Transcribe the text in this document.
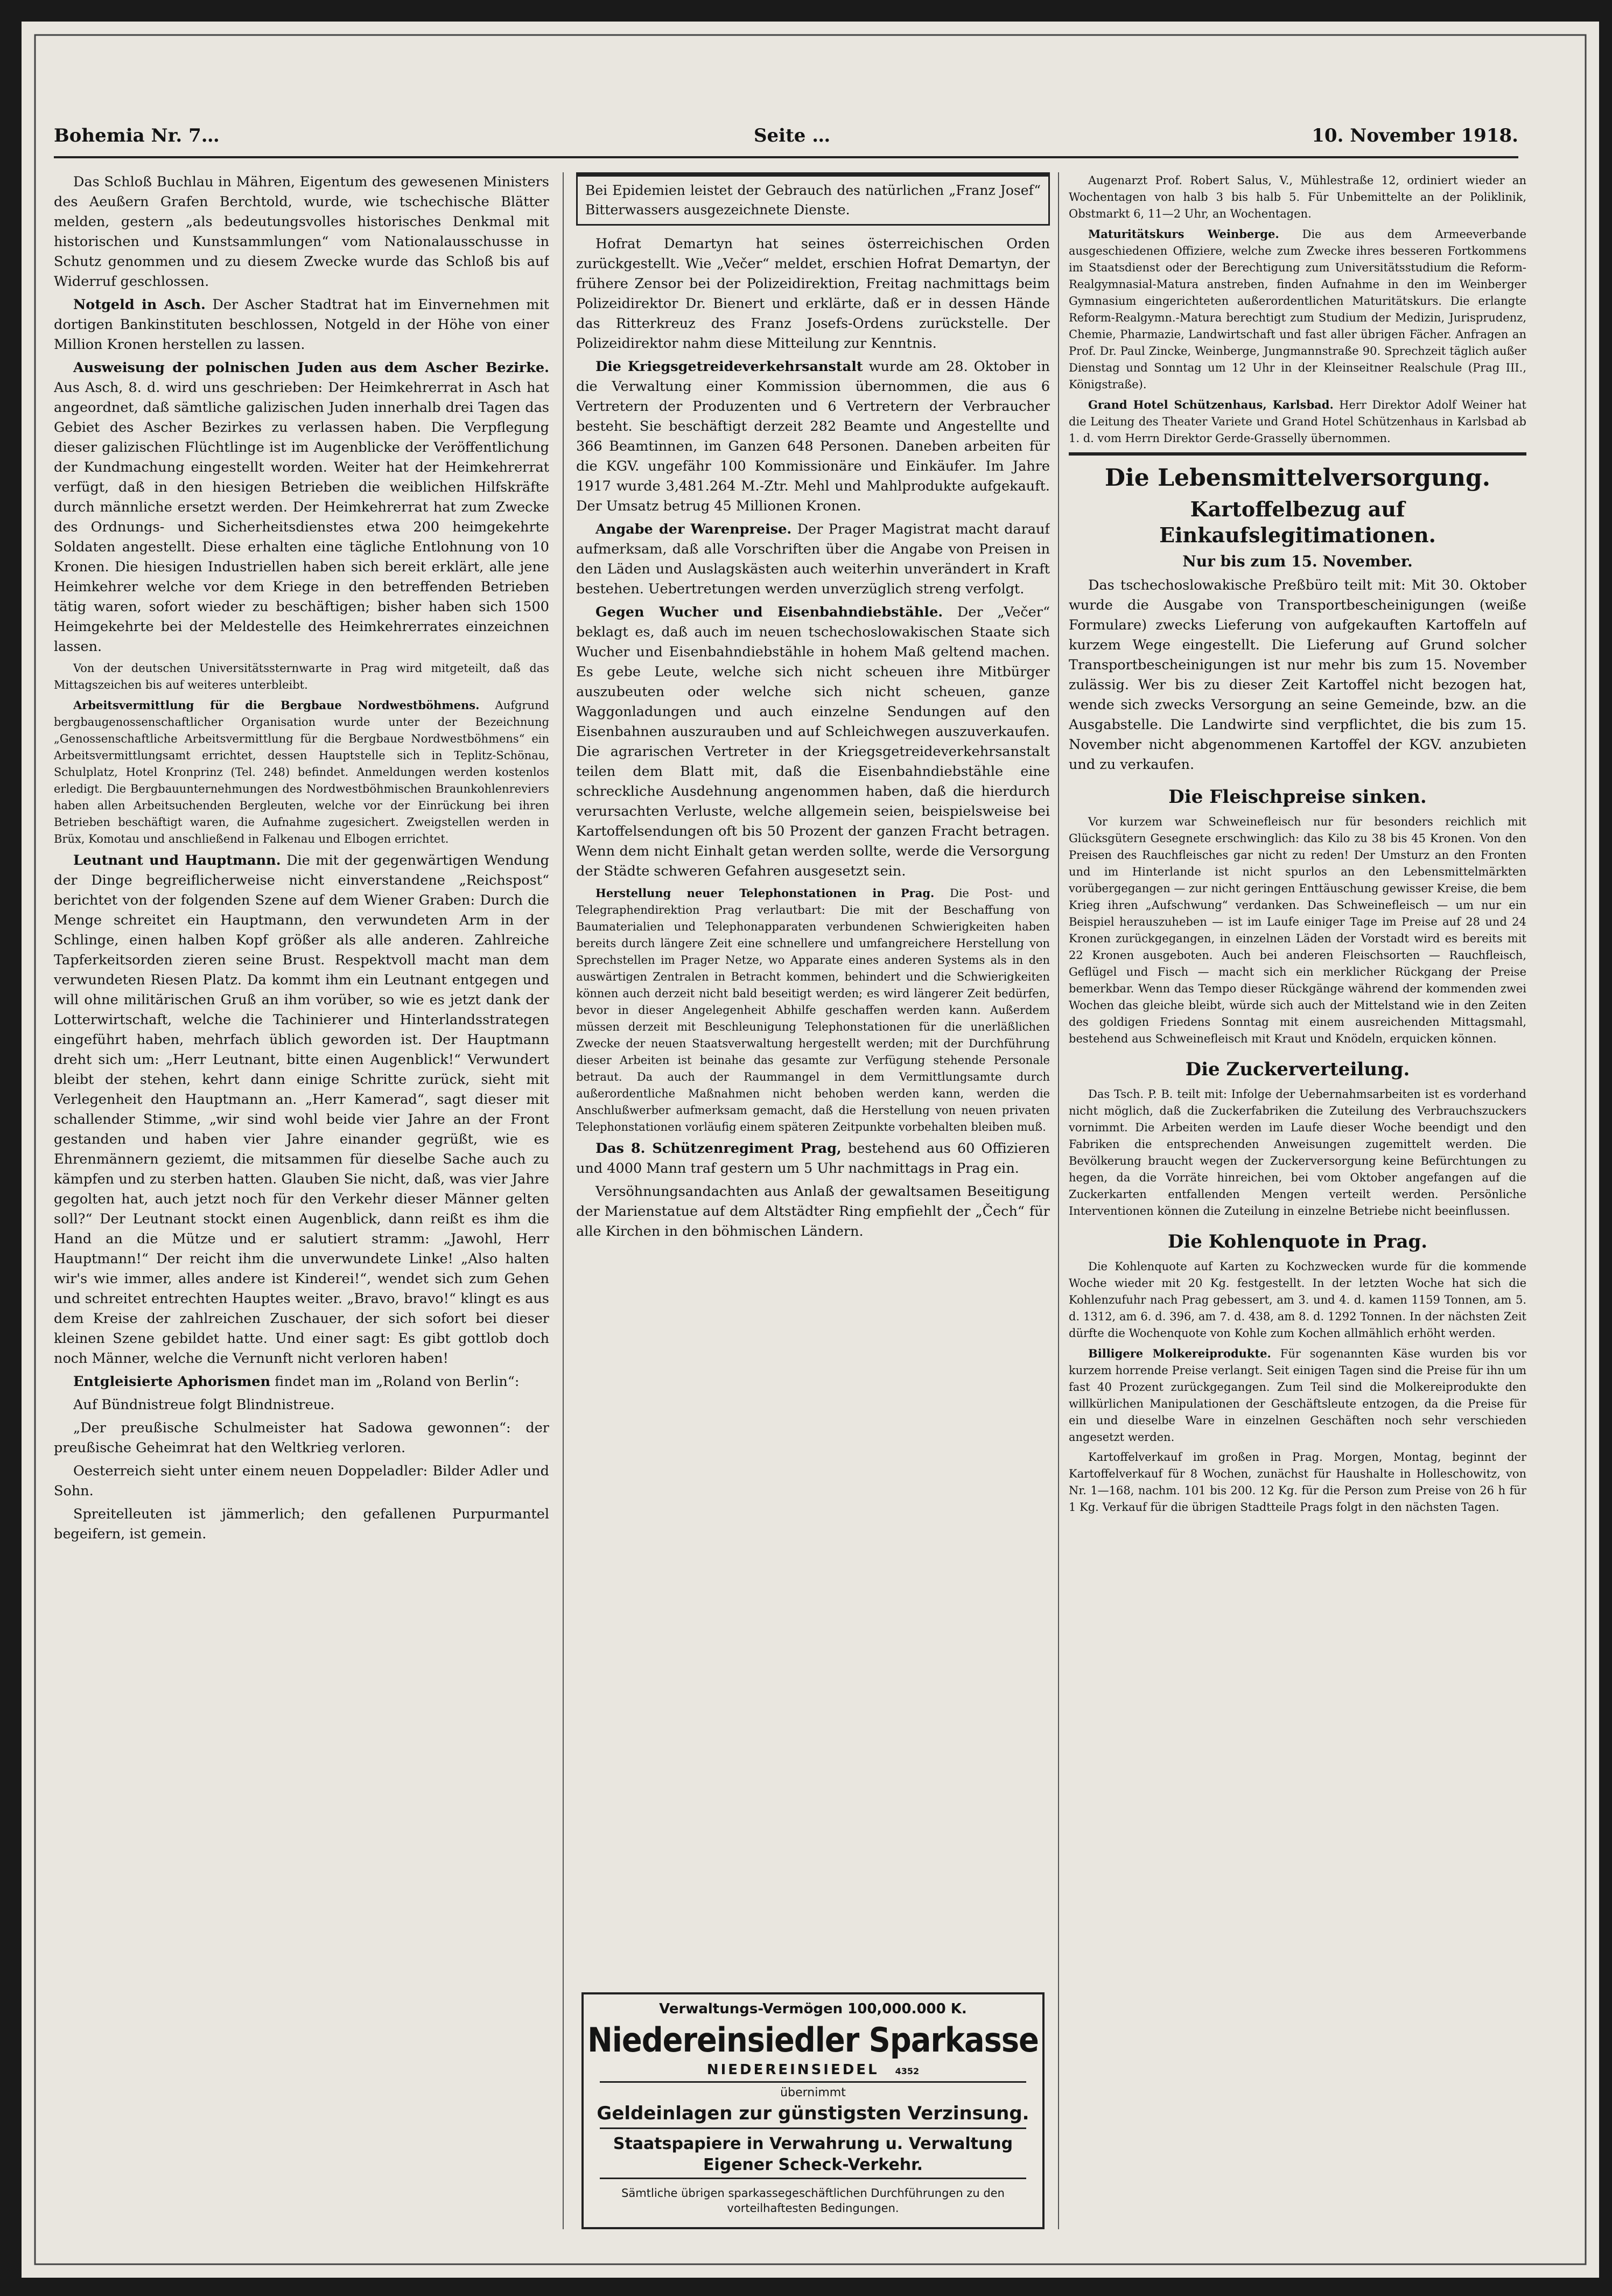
Bohemia Nr. 7…	Seite …	10. November 1918.

Das Schloß Buchlau in Mähren, Eigentum des gewesenen Ministers des Aeußern Grafen Berchtold, wurde, wie tschechische Blätter melden, gestern „als bedeutungsvolles historisches Denkmal mit historischen und Kunstsammlungen“ vom Nationalausschusse in Schutz genommen und zu diesem Zwecke wurde das Schloß bis auf Widerruf geschlossen.

Notgeld in Asch. Der Ascher Stadtrat hat im Einvernehmen mit dortigen Bankinstituten beschlossen, Notgeld in der Höhe von einer Million Kronen herstellen zu lassen.

Ausweisung der polnischen Juden aus dem Ascher Bezirke. Aus Asch, 8. d. wird uns geschrieben: Der Heimkehrerrat in Asch hat angeordnet, daß sämtliche galizischen Juden innerhalb drei Tagen das Gebiet des Ascher Bezirkes zu verlassen haben. Die Verpflegung dieser galizischen Flüchtlinge ist im Augenblicke der Veröffentlichung der Kundmachung eingestellt worden. Weiter hat der Heimkehrerrat verfügt, daß in den hiesigen Betrieben die weiblichen Hilfskräfte durch männliche ersetzt werden. Der Heimkehrerrat hat zum Zwecke des Ordnungs- und Sicherheitsdienstes etwa 200 heimgekehrte Soldaten angestellt. Diese erhalten eine tägliche Entlohnung von 10 Kronen. Die hiesigen Industriellen haben sich bereit erklärt, alle jene Heimkehrer welche vor dem Kriege in den betreffenden Betrieben tätig waren, sofort wieder zu beschäftigen; bisher haben sich 1500 Heimgekehrte bei der Meldestelle des Heimkehrerrates einzeichnen lassen.

Von der deutschen Universitätssternwarte in Prag wird mitgeteilt, daß das Mittagszeichen bis auf weiteres unterbleibt.

Arbeitsvermittlung für die Bergbaue Nordwestböhmens. Aufgrund bergbaugenossenschaftlicher Organisation wurde unter der Bezeichnung „Genossenschaftliche Arbeitsvermittlung für die Bergbaue Nordwestböhmens“ ein Arbeitsvermittlungsamt errichtet, dessen Hauptstelle sich in Teplitz-Schönau, Schulplatz, Hotel Kronprinz (Tel. 248) befindet. Anmeldungen werden kostenlos erledigt. Die Bergbauunternehmungen des Nordwestböhmischen Braunkohlenreviers haben allen Arbeitsuchenden Bergleuten, welche vor der Einrückung bei ihren Betrieben beschäftigt waren, die Aufnahme zugesichert. Zweigstellen werden in Brüx, Komotau und anschließend in Falkenau und Elbogen errichtet.

Leutnant und Hauptmann. Die mit der gegenwärtigen Wendung der Dinge begreiflicherweise nicht einverstandene „Reichspost“ berichtet von der folgenden Szene auf dem Wiener Graben: Durch die Menge schreitet ein Hauptmann, den verwundeten Arm in der Schlinge, einen halben Kopf größer als alle anderen. Zahlreiche Tapferkeitsorden zieren seine Brust. Respektvoll macht man dem verwundeten Riesen Platz. Da kommt ihm ein Leutnant entgegen und will ohne militärischen Gruß an ihm vorüber, so wie es jetzt dank der Lotterwirtschaft, welche die Tachinierer und Hinterlandsstrategen eingeführt haben, mehrfach üblich geworden ist. Der Hauptmann dreht sich um: „Herr Leutnant, bitte einen Augenblick!“ Verwundert bleibt der stehen, kehrt dann einige Schritte zurück, sieht mit Verlegenheit den Hauptmann an. „Herr Kamerad“, sagt dieser mit schallender Stimme, „wir sind wohl beide vier Jahre an der Front gestanden und haben vier Jahre einander gegrüßt, wie es Ehrenmännern geziemt, die mitsammen für dieselbe Sache auch zu kämpfen und zu sterben hatten. Glauben Sie nicht, daß, was vier Jahre gegolten hat, auch jetzt noch für den Verkehr dieser Männer gelten soll?“ Der Leutnant stockt einen Augenblick, dann reißt es ihm die Hand an die Mütze und er salutiert stramm: „Jawohl, Herr Hauptmann!“ Der reicht ihm die unverwundete Linke! „Also halten wir's wie immer, alles andere ist Kinderei!“, wendet sich zum Gehen und schreitet entrechten Hauptes weiter. „Bravo, bravo!“ klingt es aus dem Kreise der zahlreichen Zuschauer, der sich sofort bei dieser kleinen Szene gebildet hatte. Und einer sagt: Es gibt gottlob doch noch Männer, welche die Vernunft nicht verloren haben!

Entgleisierte Aphorismen findet man im „Roland von Berlin“:

Auf Bündnistreue folgt Blindnistreue.

„Der preußische Schulmeister hat Sadowa gewonnen“: der preußische Geheimrat hat den Weltkrieg verloren.

Oesterreich sieht unter einem neuen Doppeladler: Bilder Adler und Sohn.

Spreitelleuten ist jämmerlich; den gefallenen Purpurmantel begeifern, ist gemein.

Bei Epidemien leistet der Gebrauch des natürlichen „Franz Josef“ Bitterwassers ausgezeichnete Dienste.

Hofrat Demartyn hat seines österreichischen Orden zurückgestellt. Wie „Večer“ meldet, erschien Hofrat Demartyn, der frühere Zensor bei der Polizeidirektion, Freitag nachmittags beim Polizeidirektor Dr. Bienert und erklärte, daß er in dessen Hände das Ritterkreuz des Franz Josefs-Ordens zurückstelle. Der Polizeidirektor nahm diese Mitteilung zur Kenntnis.

Die Kriegsgetreideverkehrsanstalt wurde am 28. Oktober in die Verwaltung einer Kommission übernommen, die aus 6 Vertretern der Produzenten und 6 Vertretern der Verbraucher besteht. Sie beschäftigt derzeit 282 Beamte und Angestellte und 366 Beamtinnen, im Ganzen 648 Personen. Daneben arbeiten für die KGV. ungefähr 100 Kommissionäre und Einkäufer. Im Jahre 1917 wurde 3,481.264 M.-Ztr. Mehl und Mahlprodukte aufgekauft. Der Umsatz betrug 45 Millionen Kronen.

Angabe der Warenpreise. Der Prager Magistrat macht darauf aufmerksam, daß alle Vorschriften über die Angabe von Preisen in den Läden und Auslagskästen auch weiterhin unverändert in Kraft bestehen. Uebertretungen werden unverzüglich streng verfolgt.

Gegen Wucher und Eisenbahndiebstähle. Der „Večer“ beklagt es, daß auch im neuen tschechoslowakischen Staate sich Wucher und Eisenbahndiebstähle in hohem Maß geltend machen. Es gebe Leute, welche sich nicht scheuen ihre Mitbürger auszubeuten oder welche sich nicht scheuen, ganze Waggonladungen und auch einzelne Sendungen auf den Eisenbahnen auszurauben und auf Schleichwegen auszuverkaufen. Die agrarischen Vertreter in der Kriegsgetreideverkehrsanstalt teilen dem Blatt mit, daß die Eisenbahndiebstähle eine schreckliche Ausdehnung angenommen haben, daß die hierdurch verursachten Verluste, welche allgemein seien, beispielsweise bei Kartoffelsendungen oft bis 50 Prozent der ganzen Fracht betragen. Wenn dem nicht Einhalt getan werden sollte, werde die Versorgung der Städte schweren Gefahren ausgesetzt sein.

Herstellung neuer Telephonstationen in Prag. Die Post- und Telegraphendirektion Prag verlautbart: Die mit der Beschaffung von Baumaterialien und Telephonapparaten verbundenen Schwierigkeiten haben bereits durch längere Zeit eine schnellere und umfangreichere Herstellung von Sprechstellen im Prager Netze, wo Apparate eines anderen Systems als in den auswärtigen Zentralen in Betracht kommen, behindert und die Schwierigkeiten können auch derzeit nicht bald beseitigt werden; es wird längerer Zeit bedürfen, bevor in dieser Angelegenheit Abhilfe geschaffen werden kann. Außerdem müssen derzeit mit Beschleunigung Telephonstationen für die unerläßlichen Zwecke der neuen Staatsverwaltung hergestellt werden; mit der Durchführung dieser Arbeiten ist beinahe das gesamte zur Verfügung stehende Personale betraut. Da auch der Raummangel in dem Vermittlungsamte durch außerordentliche Maßnahmen nicht behoben werden kann, werden die Anschlußwerber aufmerksam gemacht, daß die Herstellung von neuen privaten Telephonstationen vorläufig einem späteren Zeitpunkte vorbehalten bleiben muß.

Das 8. Schützenregiment Prag, bestehend aus 60 Offizieren und 4000 Mann traf gestern um 5 Uhr nachmittags in Prag ein.

Versöhnungsandachten aus Anlaß der gewaltsamen Beseitigung der Marienstatue auf dem Altstädter Ring empfiehlt der „Čech“ für alle Kirchen in den böhmischen Ländern.

Verwaltungs-Vermögen 100,000.000 K.
Niedereinsiedler Sparkasse
NIEDEREINSIEDEL 4352
übernimmt
Geldeinlagen zur günstigsten Verzinsung.
Staatspapiere in Verwahrung u. Verwaltung
Eigener Scheck-Verkehr.
Sämtliche übrigen sparkassegeschäftlichen Durchführungen zu den vorteilhaftesten Bedingungen.

Augenarzt Prof. Robert Salus, V., Mühlestraße 12, ordiniert wieder an Wochentagen von halb 3 bis halb 5. Für Unbemittelte an der Poliklinik, Obstmarkt 6, 11—2 Uhr, an Wochentagen.

Maturitätskurs Weinberge. Die aus dem Armeeverbande ausgeschiedenen Offiziere, welche zum Zwecke ihres besseren Fortkommens im Staatsdienst oder der Berechtigung zum Universitätsstudium die Reform-Realgymnasial-Matura anstreben, finden Aufnahme in den im Weinberger Gymnasium eingerichteten außerordentlichen Maturitätskurs. Die erlangte Reform-Realgymn.-Matura berechtigt zum Studium der Medizin, Jurisprudenz, Chemie, Pharmazie, Landwirtschaft und fast aller übrigen Fächer. Anfragen an Prof. Dr. Paul Zincke, Weinberge, Jungmannstraße 90. Sprechzeit täglich außer Dienstag und Sonntag um 12 Uhr in der Kleinseitner Realschule (Prag III., Königstraße).

Grand Hotel Schützenhaus, Karlsbad. Herr Direktor Adolf Weiner hat die Leitung des Theater Variete und Grand Hotel Schützenhaus in Karlsbad ab 1. d. vom Herrn Direktor Gerde-Grasselly übernommen.

Die Lebensmittelversorgung.
Kartoffelbezug auf Einkaufslegitimationen.
Nur bis zum 15. November.

Das tschechoslowakische Preßbüro teilt mit: Mit 30. Oktober wurde die Ausgabe von Transportbescheinigungen (weiße Formulare) zwecks Lieferung von aufgekauften Kartoffeln auf kurzem Wege eingestellt. Die Lieferung auf Grund solcher Transportbescheinigungen ist nur mehr bis zum 15. November zulässig. Wer bis zu dieser Zeit Kartoffel nicht bezogen hat, wende sich zwecks Versorgung an seine Gemeinde, bzw. an die Ausgabstelle. Die Landwirte sind verpflichtet, die bis zum 15. November nicht abgenommenen Kartoffel der KGV. anzubieten und zu verkaufen.

Die Fleischpreise sinken.

Vor kurzem war Schweinefleisch nur für besonders reichlich mit Glücksgütern Gesegnete erschwinglich: das Kilo zu 38 bis 45 Kronen. Von den Preisen des Rauchfleisches gar nicht zu reden! Der Umsturz an den Fronten und im Hinterlande ist nicht spurlos an den Lebensmittelmärkten vorübergegangen — zur nicht geringen Enttäuschung gewisser Kreise, die bem Krieg ihren „Aufschwung“ verdanken. Das Schweinefleisch — um nur ein Beispiel herauszuheben — ist im Laufe einiger Tage im Preise auf 28 und 24 Kronen zurückgegangen, in einzelnen Läden der Vorstadt wird es bereits mit 22 Kronen ausgeboten. Auch bei anderen Fleischsorten — Rauchfleisch, Geflügel und Fisch — macht sich ein merklicher Rückgang der Preise bemerkbar. Wenn das Tempo dieser Rückgänge während der kommenden zwei Wochen das gleiche bleibt, würde sich auch der Mittelstand wie in den Zeiten des goldigen Friedens Sonntag mit einem ausreichenden Mittagsmahl, bestehend aus Schweinefleisch mit Kraut und Knödeln, erquicken können.

Die Zuckerverteilung.

Das Tsch. P. B. teilt mit: Infolge der Uebernahmsarbeiten ist es vorderhand nicht möglich, daß die Zuckerfabriken die Zuteilung des Verbrauchszuckers vornimmt. Die Arbeiten werden im Laufe dieser Woche beendigt und den Fabriken die entsprechenden Anweisungen zugemittelt werden. Die Bevölkerung braucht wegen der Zuckerversorgung keine Befürchtungen zu hegen, da die Vorräte hinreichen, bei vom Oktober angefangen auf die Zuckerkarten entfallenden Mengen verteilt werden. Persönliche Interventionen können die Zuteilung in einzelne Betriebe nicht beeinflussen.

Die Kohlenquote in Prag.

Die Kohlenquote auf Karten zu Kochzwecken wurde für die kommende Woche wieder mit 20 Kg. festgestellt. In der letzten Woche hat sich die Kohlenzufuhr nach Prag gebessert, am 3. und 4. d. kamen 1159 Tonnen, am 5. d. 1312, am 6. d. 396, am 7. d. 438, am 8. d. 1292 Tonnen. In der nächsten Zeit dürfte die Wochenquote von Kohle zum Kochen allmählich erhöht werden.

Billigere Molkereiprodukte. Für sogenannten Käse wurden bis vor kurzem horrende Preise verlangt. Seit einigen Tagen sind die Preise für ihn um fast 40 Prozent zurückgegangen. Zum Teil sind die Molkereiprodukte den willkürlichen Manipulationen der Geschäftsleute entzogen, da die Preise für ein und dieselbe Ware in einzelnen Geschäften noch sehr verschieden angesetzt werden.

Kartoffelverkauf im großen in Prag. Morgen, Montag, beginnt der Kartoffelverkauf für 8 Wochen, zunächst für Haushalte in Holleschowitz, von Nr. 1—168, nachm. 101 bis 200. 12 Kg. für die Person zum Preise von 26 h für 1 Kg. Verkauf für die übrigen Stadtteile Prags folgt in den nächsten Tagen.
